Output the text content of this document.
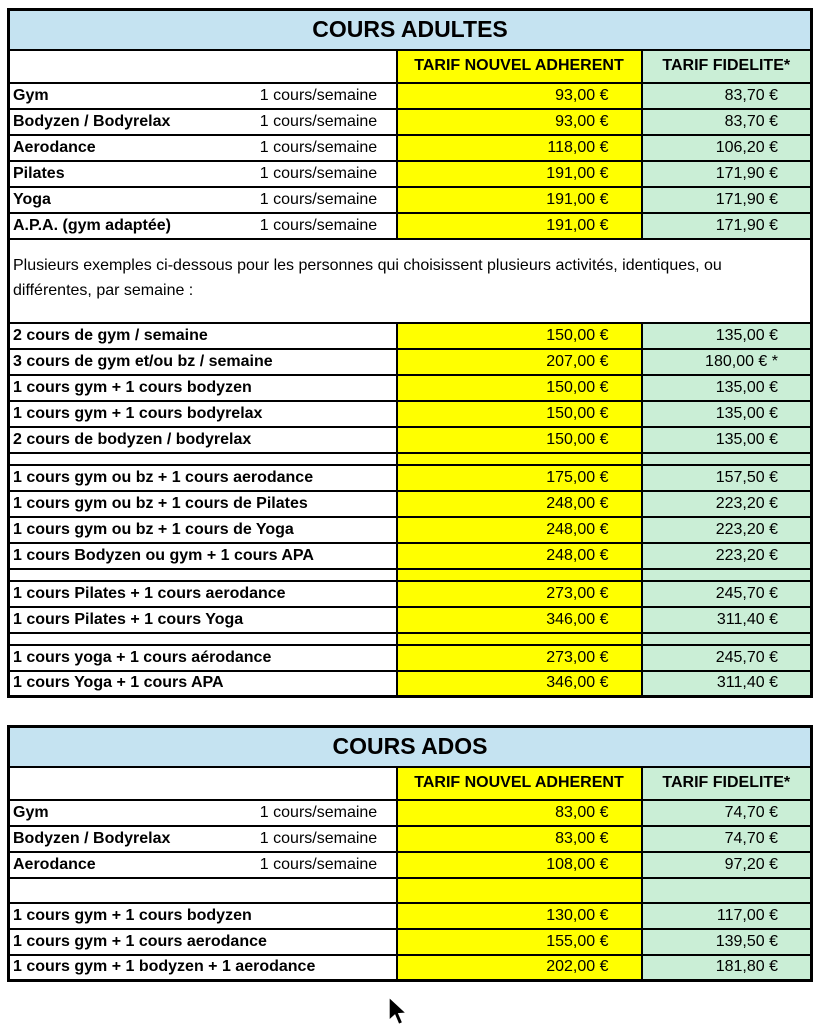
COURS ADULTES			
		TARIF NOUVEL ADHERENT	TARIF FIDELITE*
Gym	1 cours/semaine	93,00 €	83,70 €
Bodyzen / Bodyrelax	1 cours/semaine	93,00 €	83,70 €
Aerodance	1 cours/semaine	118,00 €	106,20 €
Pilates	1 cours/semaine	191,00 €	171,90 €
Yoga	1 cours/semaine	191,00 €	171,90 €
A.P.A. (gym adaptée)	1 cours/semaine	191,00 €	171,90 €
Plusieurs exemples ci-dessous pour les personnes qui choisissent plusieurs activités, identiques, ou différentes, par semaine :			
2 cours de gym / semaine		150,00 €	135,00 €
3 cours de gym et/ou bz / semaine		207,00 €	180,00 € *
1 cours gym + 1 cours bodyzen		150,00 €	135,00 €
1 cours gym + 1 cours bodyrelax		150,00 €	135,00 €
2 cours de bodyzen / bodyrelax		150,00 €	135,00 €

1 cours gym ou bz + 1 cours aerodance		175,00 €	157,50 €
1 cours gym ou bz + 1 cours de Pilates		248,00 €	223,20 €
1 cours gym ou bz + 1 cours de Yoga		248,00 €	223,20 €
1 cours Bodyzen ou gym + 1 cours APA		248,00 €	223,20 €

1 cours Pilates + 1 cours aerodance		273,00 €	245,70 €
1 cours Pilates + 1 cours Yoga		346,00 €	311,40 €

1 cours yoga + 1 cours aérodance		273,00 €	245,70 €
1 cours Yoga + 1 cours APA		346,00 €	311,40 €
COURS ADOS			
		TARIF NOUVEL ADHERENT	TARIF FIDELITE*
Gym	1 cours/semaine	83,00 €	74,70 €
Bodyzen / Bodyrelax	1 cours/semaine	83,00 €	74,70 €
Aerodance	1 cours/semaine	108,00 €	97,20 €

1 cours gym + 1 cours bodyzen		130,00 €	117,00 €
1 cours gym + 1 cours aerodance		155,00 €	139,50 €
1 cours gym + 1 bodyzen + 1 aerodance		202,00 €	181,80 €
